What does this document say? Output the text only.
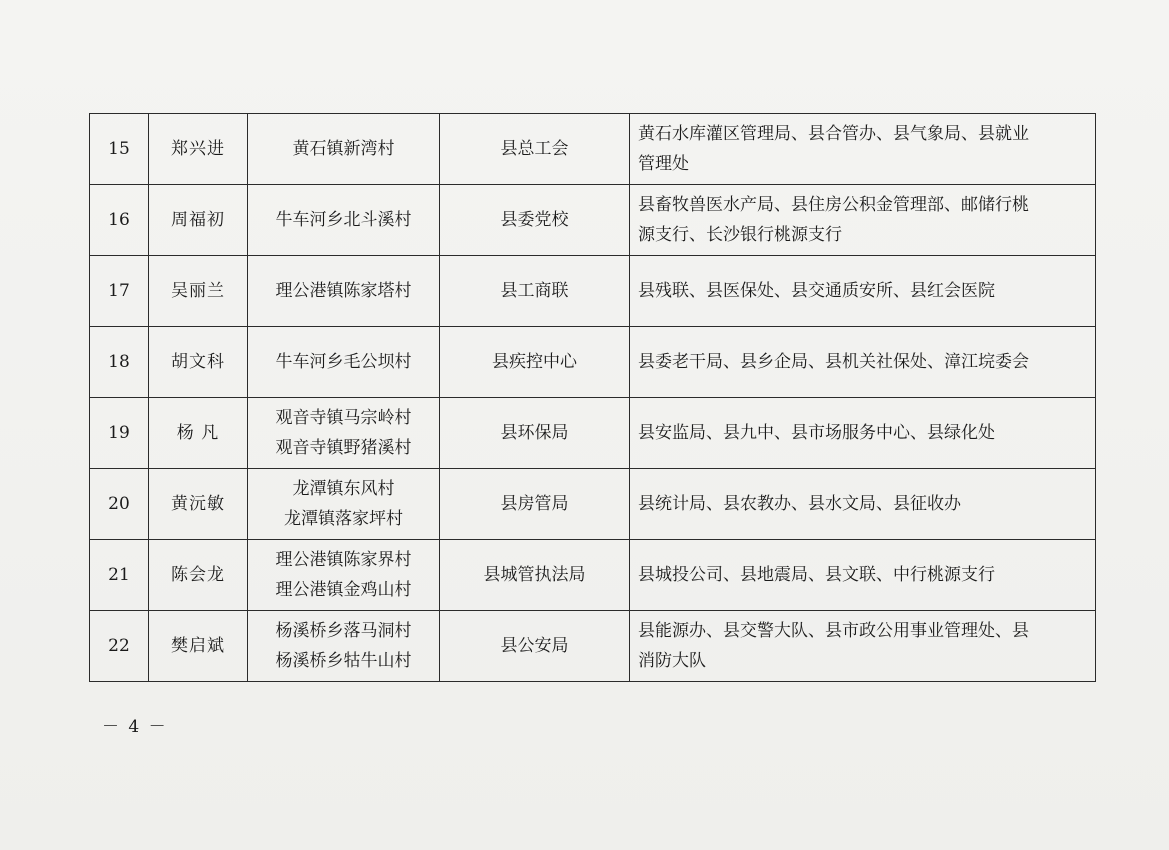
15	郑兴进	黄石镇新湾村	县总工会	黄石水库灌区管理局、县合管办、县气象局、县就业
管理处

16	周福初	牛车河乡北斗溪村	县委党校	县畜牧兽医水产局、县住房公积金管理部、邮储行桃
源支行、长沙银行桃源支行

17	吴丽兰	理公港镇陈家塔村	县工商联	县残联、县医保处、县交通质安所、县红会医院

18	胡文科	牛车河乡毛公坝村	县疾控中心	县委老干局、县乡企局、县机关社保处、漳江垸委会

19	杨 凡	观音寺镇马宗岭村
观音寺镇野猪溪村	县环保局	县安监局、县九中、县市场服务中心、县绿化处

20	黄沅敏	龙潭镇东风村
龙潭镇落家坪村	县房管局	县统计局、县农教办、县水文局、县征收办

21	陈会龙	理公港镇陈家界村
理公港镇金鸡山村	县城管执法局	县城投公司、县地震局、县文联、中行桃源支行

22	樊启斌	杨溪桥乡落马洞村
杨溪桥乡牯牛山村	县公安局	县能源办、县交警大队、县市政公用事业管理处、县
消防大队
－ 4 －
